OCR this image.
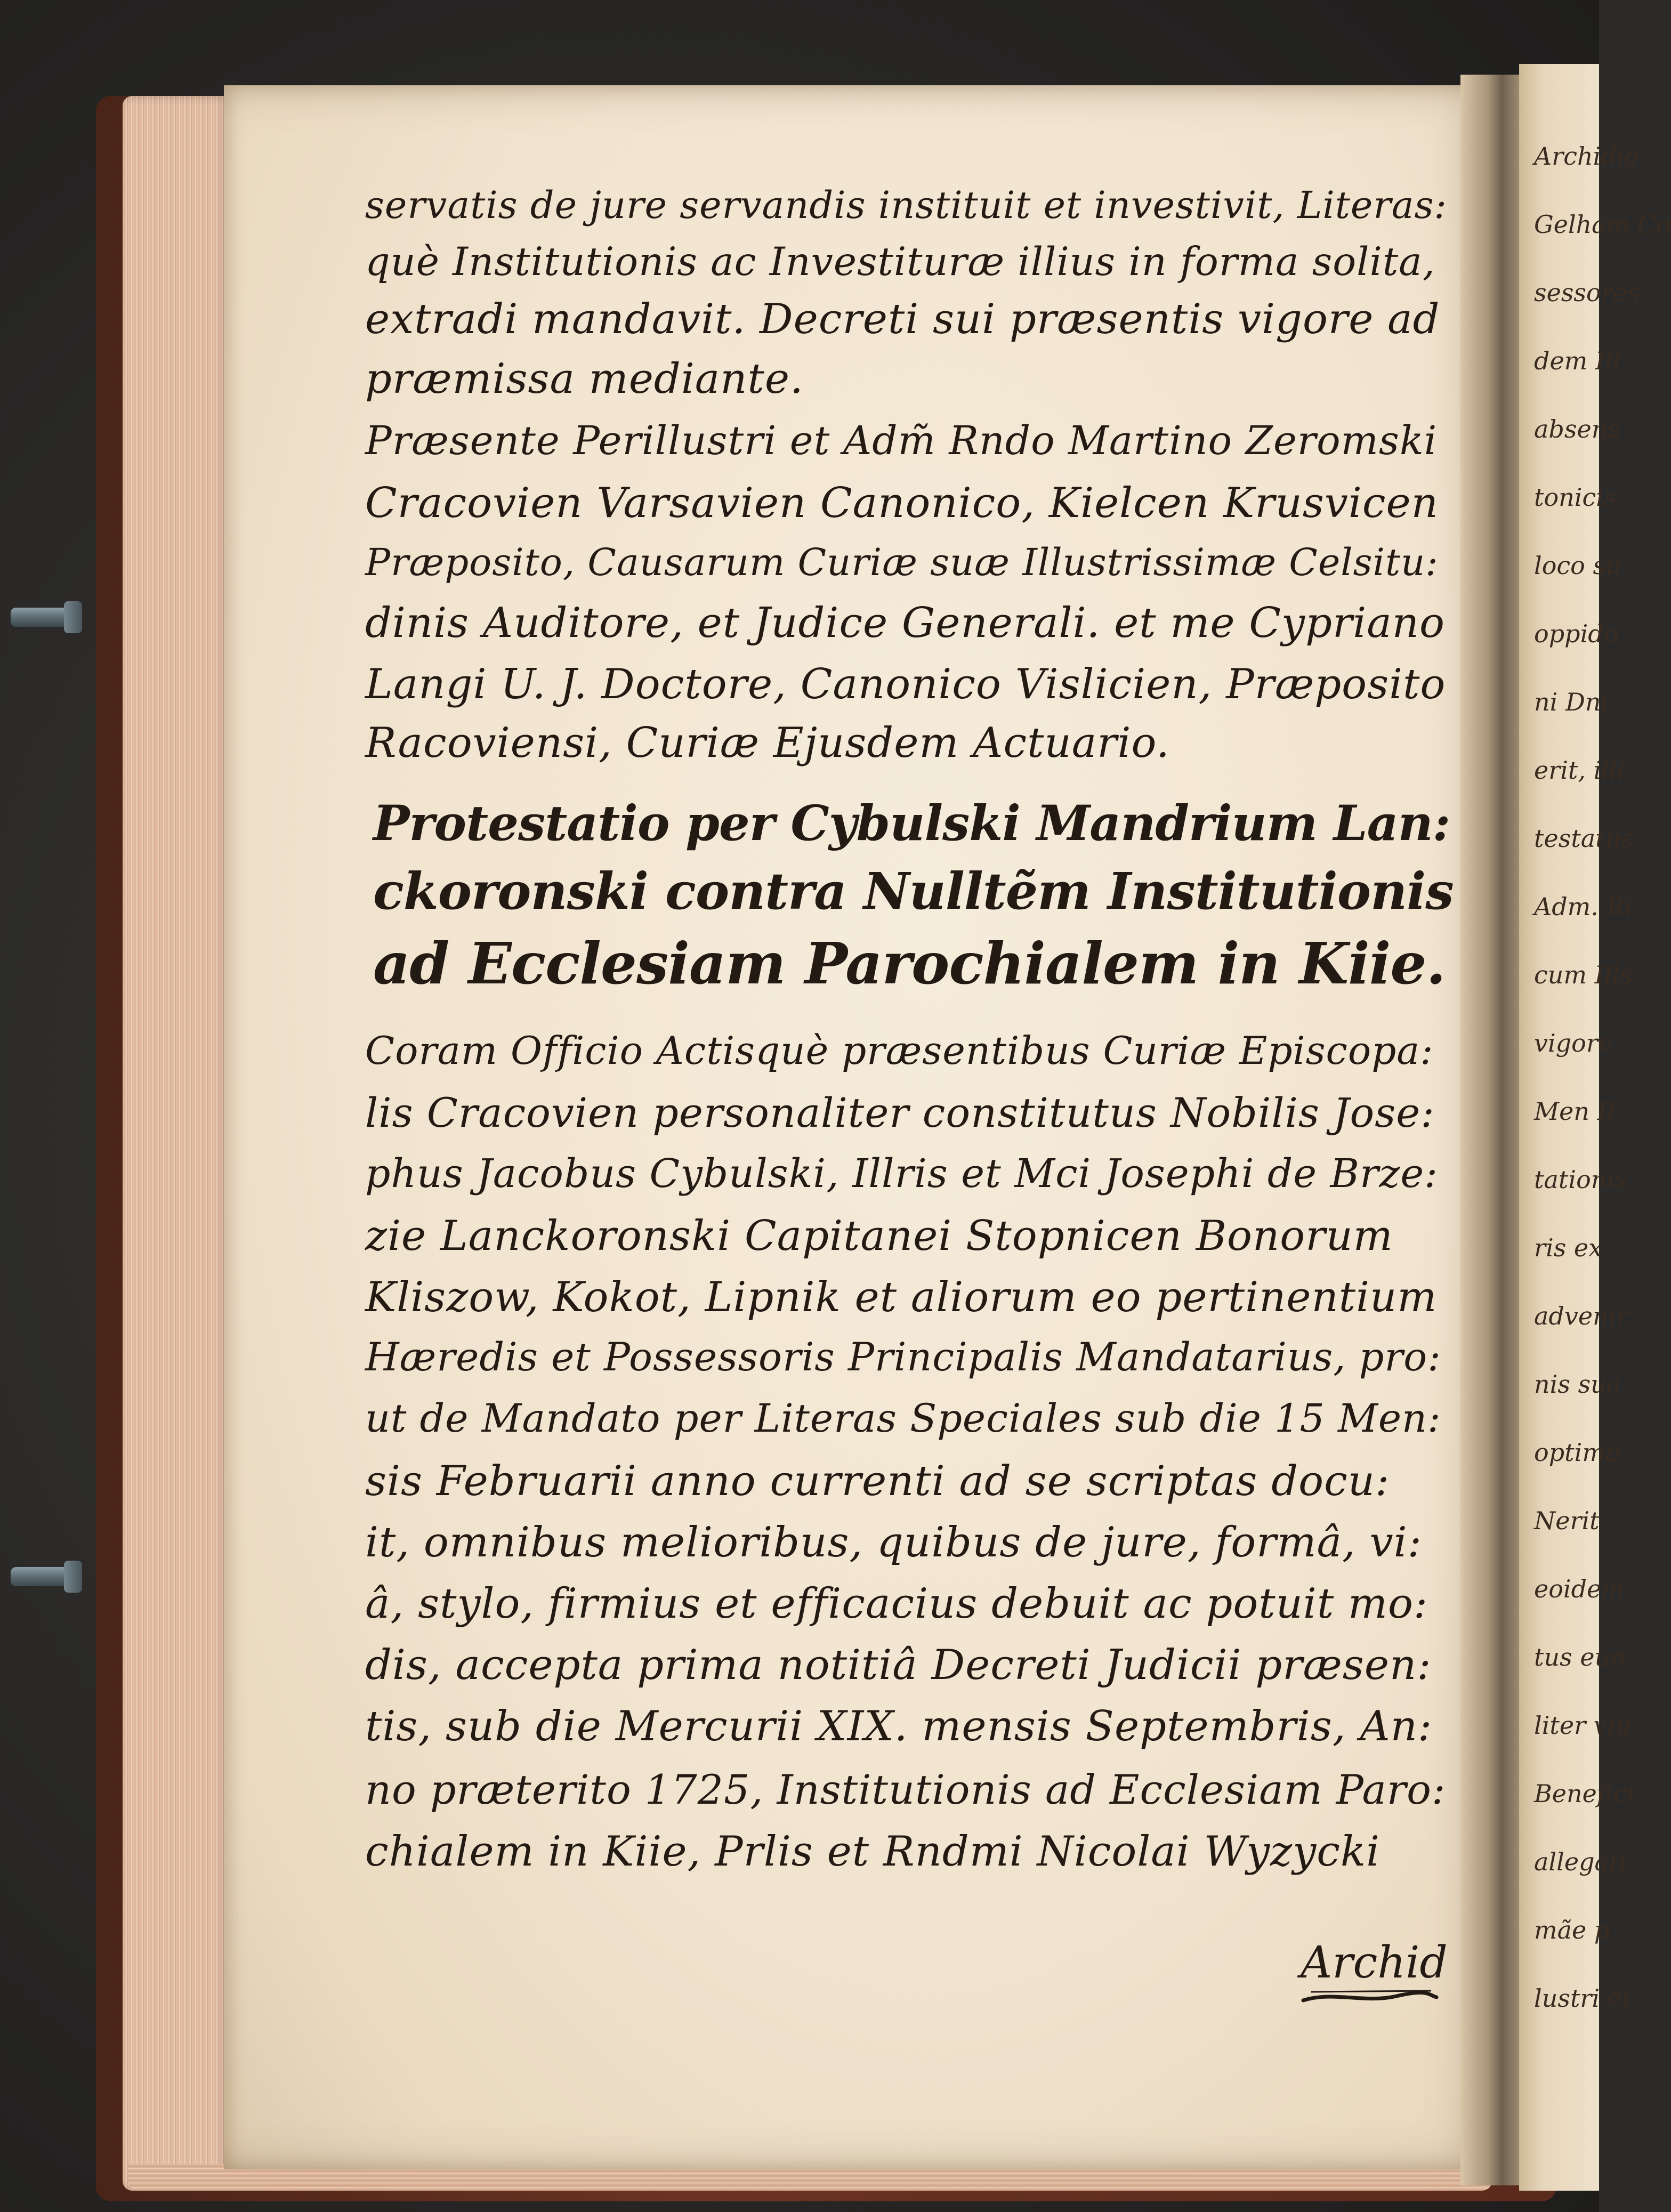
servatis de jure servandis instituit et investivit, Literas:
què Institutionis ac Investituræ illius in forma solita,
extradi mandavit. Decreti sui præsentis vigore ad
præmissa mediante.
Præsente Perillustri et Adm̃ Rndo Martino Zeromski
Cracovien Varsavien Canonico, Kielcen Krusvicen
Præposito, Causarum Curiæ suæ Illustrissimæ Celsitu:
dinis Auditore, et Judice Generali. et me Cypriano
Langi U. J. Doctore, Canonico Vislicien, Præposito
Racoviensi, Curiæ Ejusdem Actuario.
Protestatio per Cybulski Mandrium Lan:
ckoronski contra Nulltẽm Institutionis
ad Ecclesiam Parochialem in Kiie.
Coram Officio Actisquè præsentibus Curiæ Episcopa:
lis Cracovien personaliter constitutus Nobilis Jose:
phus Jacobus Cybulski, Illris et Mci Josephi de Brze:
zie Lanckoronski Capitanei Stopnicen Bonorum
Kliszow, Kokot, Lipnik et aliorum eo pertinentium
Hæredis et Possessoris Principalis Mandatarius, pro:
ut de Mandato per Literas Speciales sub die 15 Men:
sis Februarii anno currenti ad se scriptas docu:
it, omnibus melioribus, quibus de jure, formâ, vi:
â, stylo, firmius et efficacius debuit ac potuit mo:
dis, accepta prima notitiâ Decreti Judicii præsen:
tis, sub die Mercurii XIX. mensis Septembris, An:
no præterito 1725, Institutionis ad Ecclesiam Paro:
chialem in Kiie, Prlis et Rndmi Nicolai Wyzycki
Archid
Archidia
Gelham Co
sessores
dem Ill
absens
tonicis
loco su
oppido
ni Dni
erit, illi
testatus
Adm. Ri
cum Ills
vigore
Men Il
tationis
ris ex
advenir
nis sua
optimo
Nerit
eoidem
tus eun
liter viu
Benefici
allegati
mãe p
lustri et
